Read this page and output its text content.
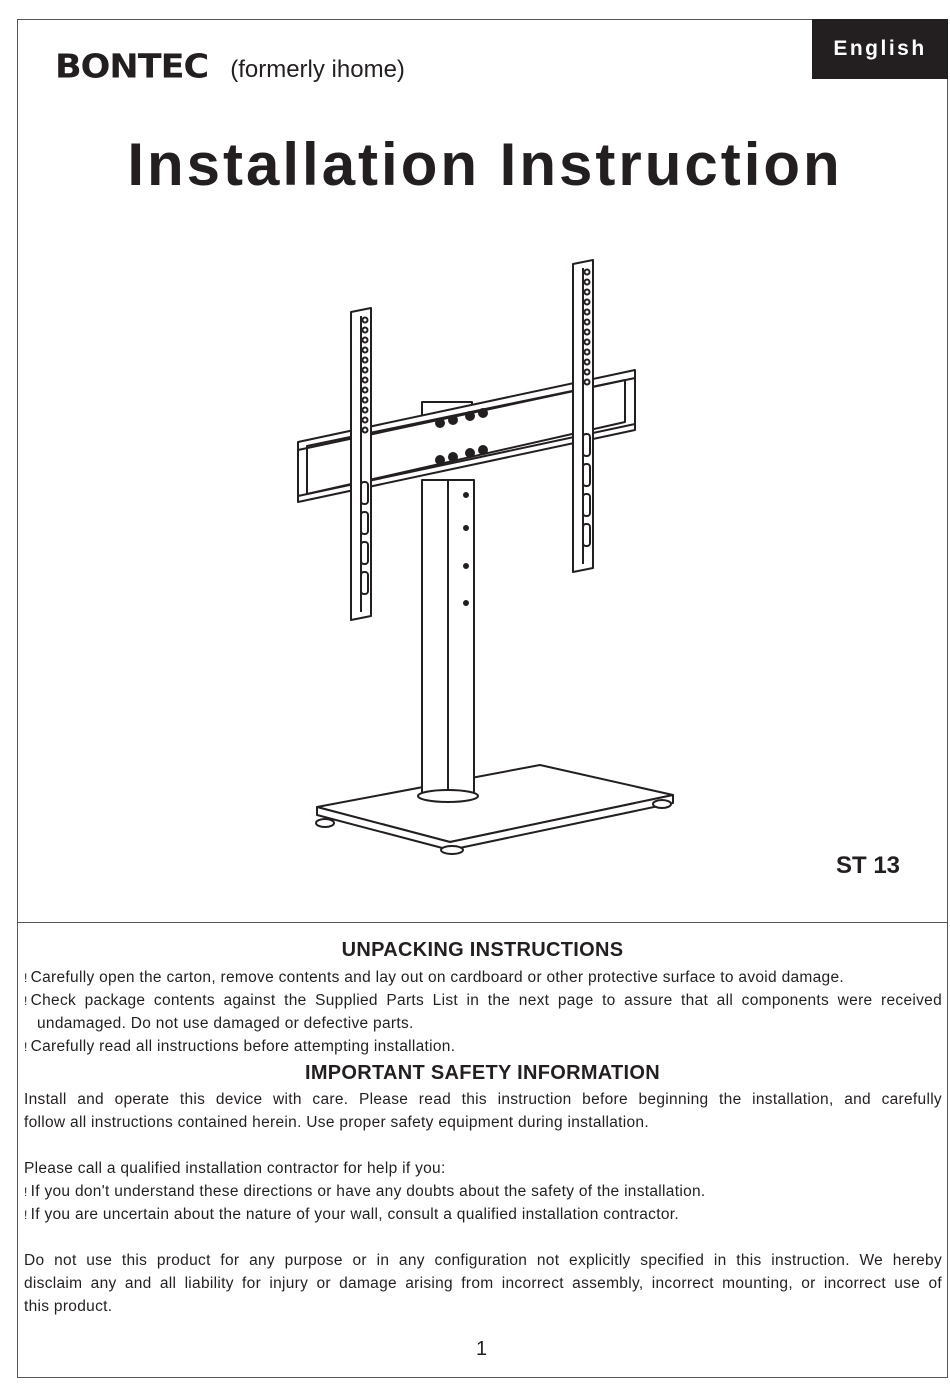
English
BONTEC (formerly ihome)
Installation Instruction
ST 13
UNPACKING INSTRUCTIONS

! Carefully open the carton, remove contents and lay out on cardboard or other protective surface to avoid damage.

! Check package contents against the Supplied Parts List in the next page to assure that all components were received

undamaged. Do not use damaged or defective parts.

! Carefully read all instructions before attempting installation.

IMPORTANT SAFETY INFORMATION

Install and operate this device with care. Please read this instruction before beginning the installation, and carefully

follow all instructions contained herein. Use proper safety equipment during installation.

Please call a qualified installation contractor for help if you:

! If you don't understand these directions or have any doubts about the safety of the installation.

! If you are uncertain about the nature of your wall, consult a qualified installation contractor.

Do not use this product for any purpose or in any configuration not explicitly specified in this instruction. We hereby

disclaim any and all liability for injury or damage arising from incorrect assembly, incorrect mounting, or incorrect use of

this product.

1
